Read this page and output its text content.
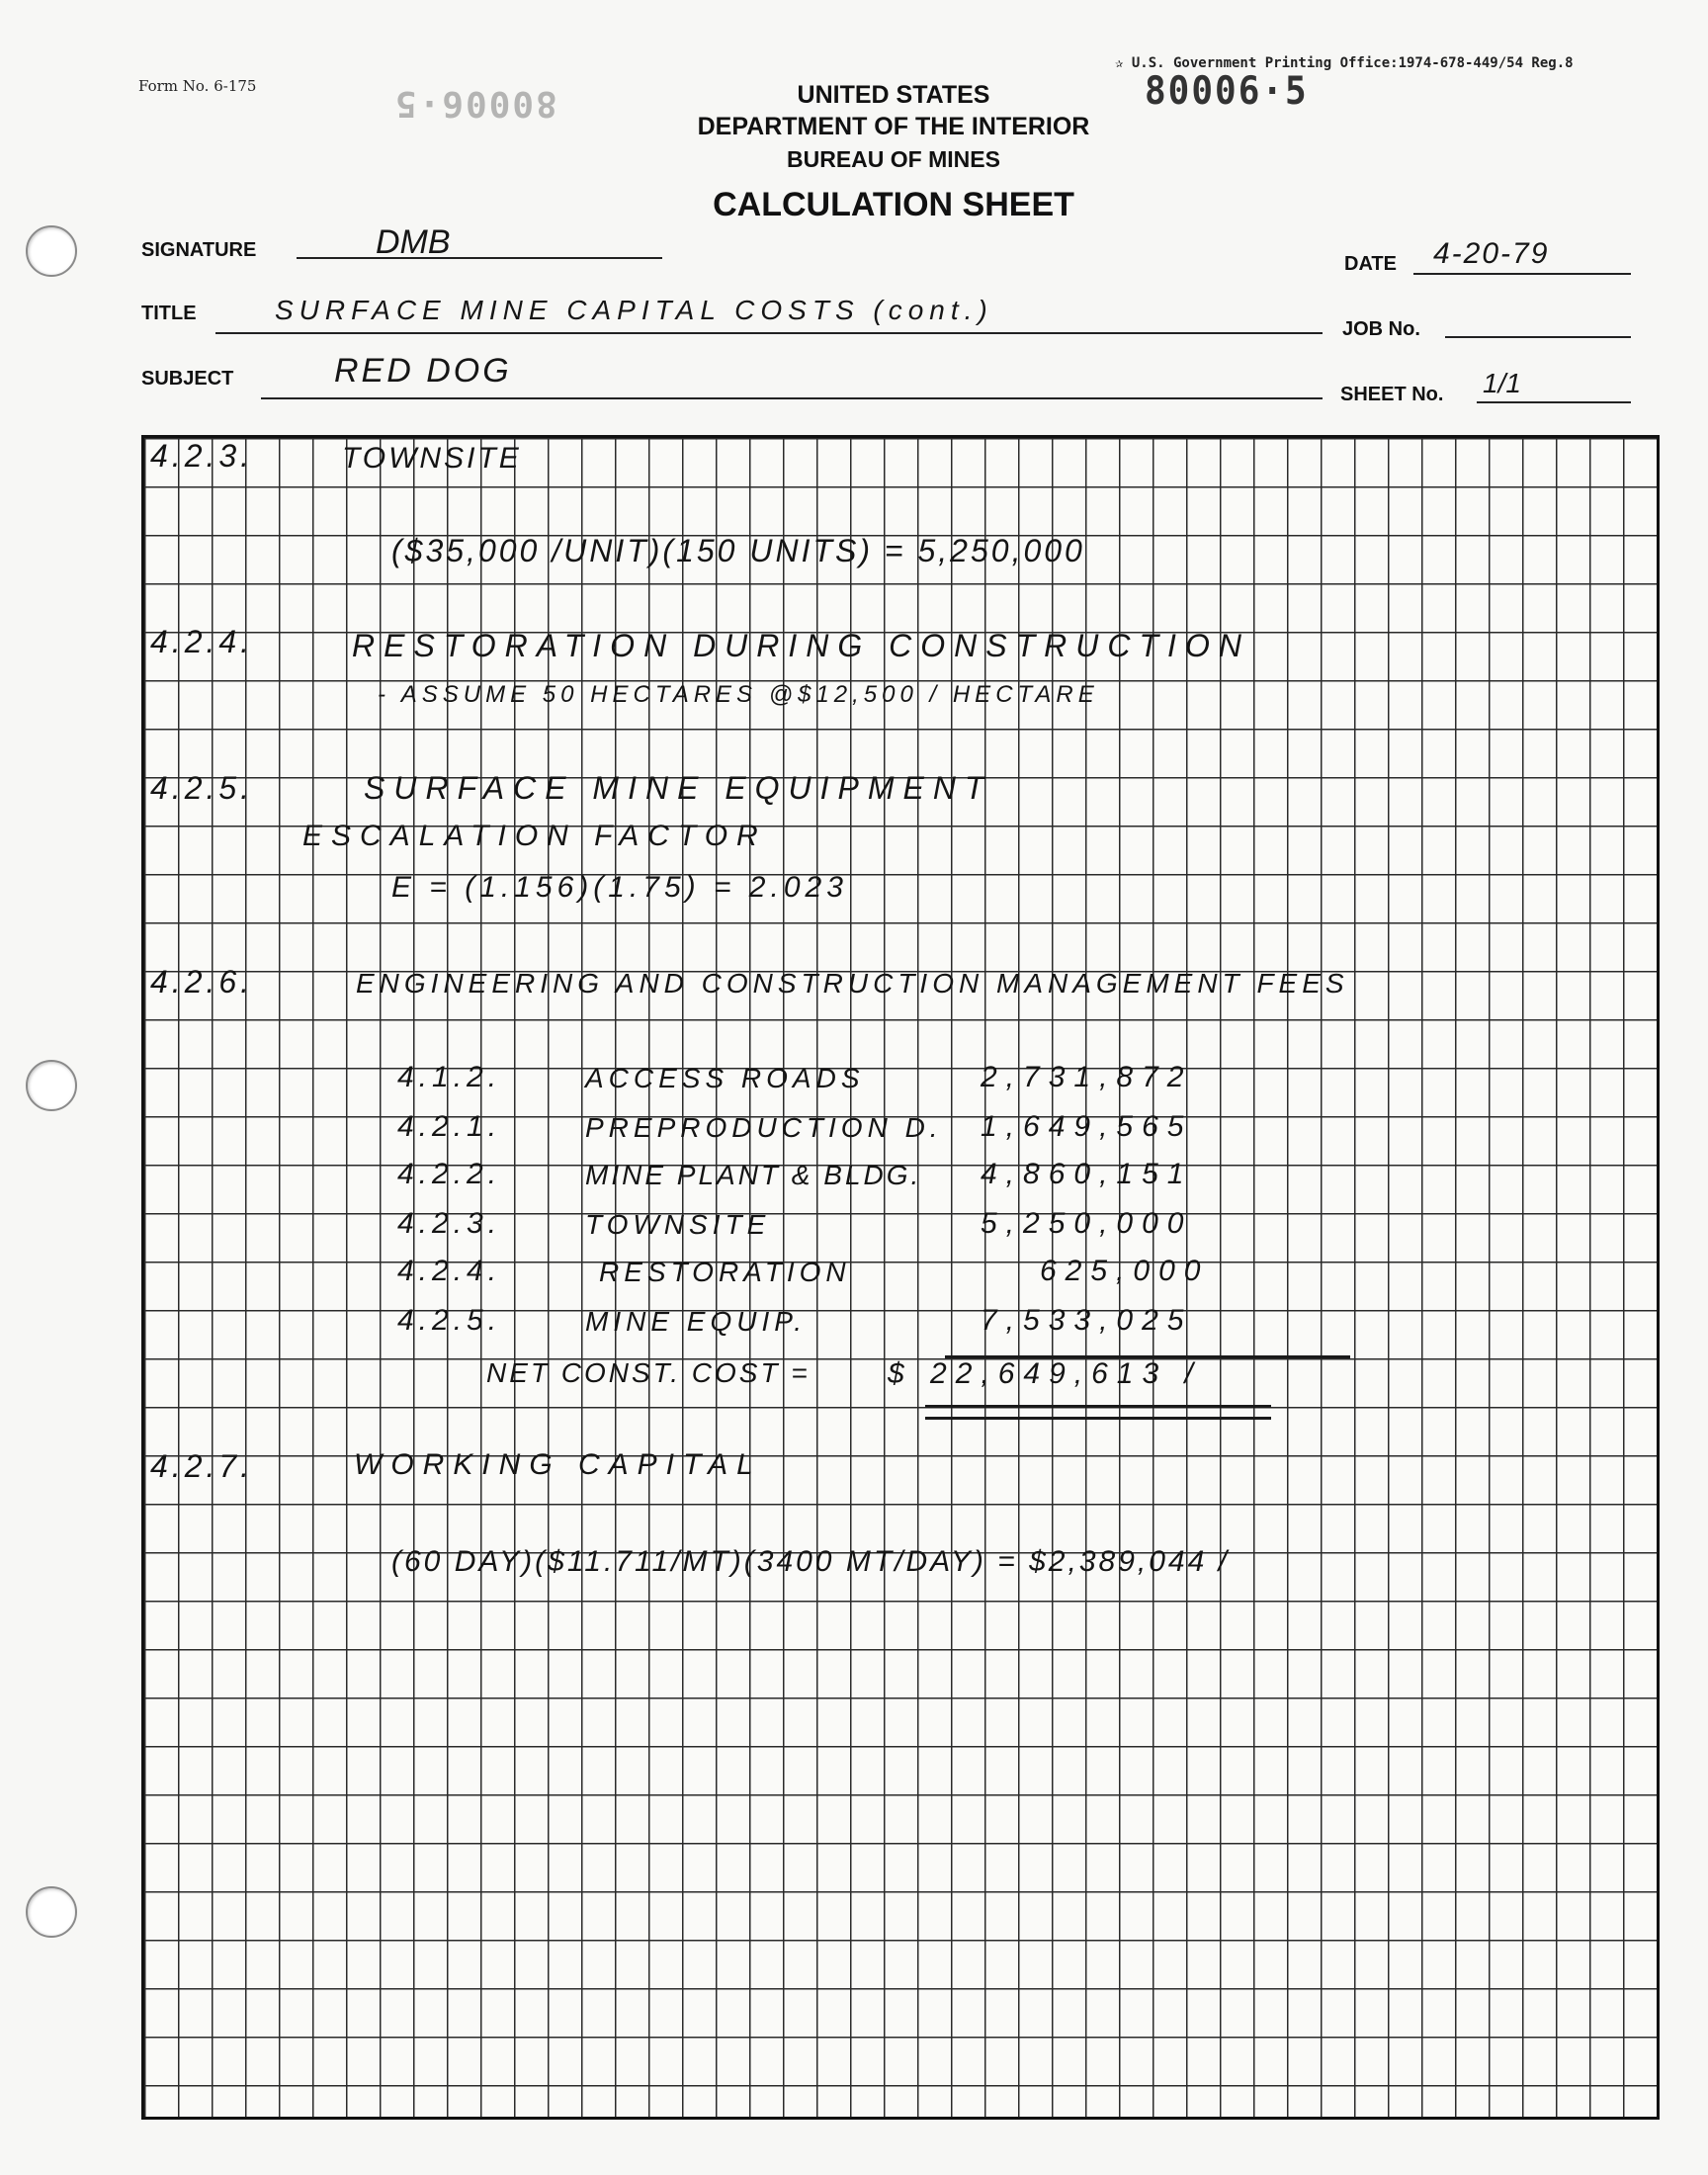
Form No. 6-175
✰ U.S. Government Printing Office:1974-678-449/54 Reg.8
80006·5
80006·5	UNITED STATES
DEPARTMENT OF THE INTERIOR
BUREAU OF MINES
CALCULATION SHEET
SIGNATURE	DMB
DATE 4-20-79
TITLE	SURFACE MINE CAPITAL COSTS (cont.)
JOB No.
SUBJECT	RED DOG
SHEET No. 1/1
4.2.3.	TOWNSITE
($35,000 /UNIT)(150 UNITS) = 5,250,000
4.2.4.	RESTORATION DURING CONSTRUCTION
- ASSUME 50 HECTARES @$12,500 / HECTARE
4.2.5.	SURFACE MINE EQUIPMENT
ESCALATION FACTOR
E = (1.156)(1.75) = 2.023
4.2.6.	ENGINEERING AND CONSTRUCTION MANAGEMENT FEES
4.1.2.	ACCESS ROADS	2,731,872
4.2.1.	PREPRODUCTION D. 1,649,565
4.2.2.	MINE PLANT & BLDG. 4,860,151
4.2.3.	TOWNSITE	5,250,000
4.2.4.	RESTORATION	625,000
4.2.5.	MINE EQUIP.	7,533,025
NET CONST. COST =	$ 22,649,613 /
4.2.7.	WORKING CAPITAL
(60 DAY)($11.711/MT)(3400 MT/DAY) = $2,389,044 /
